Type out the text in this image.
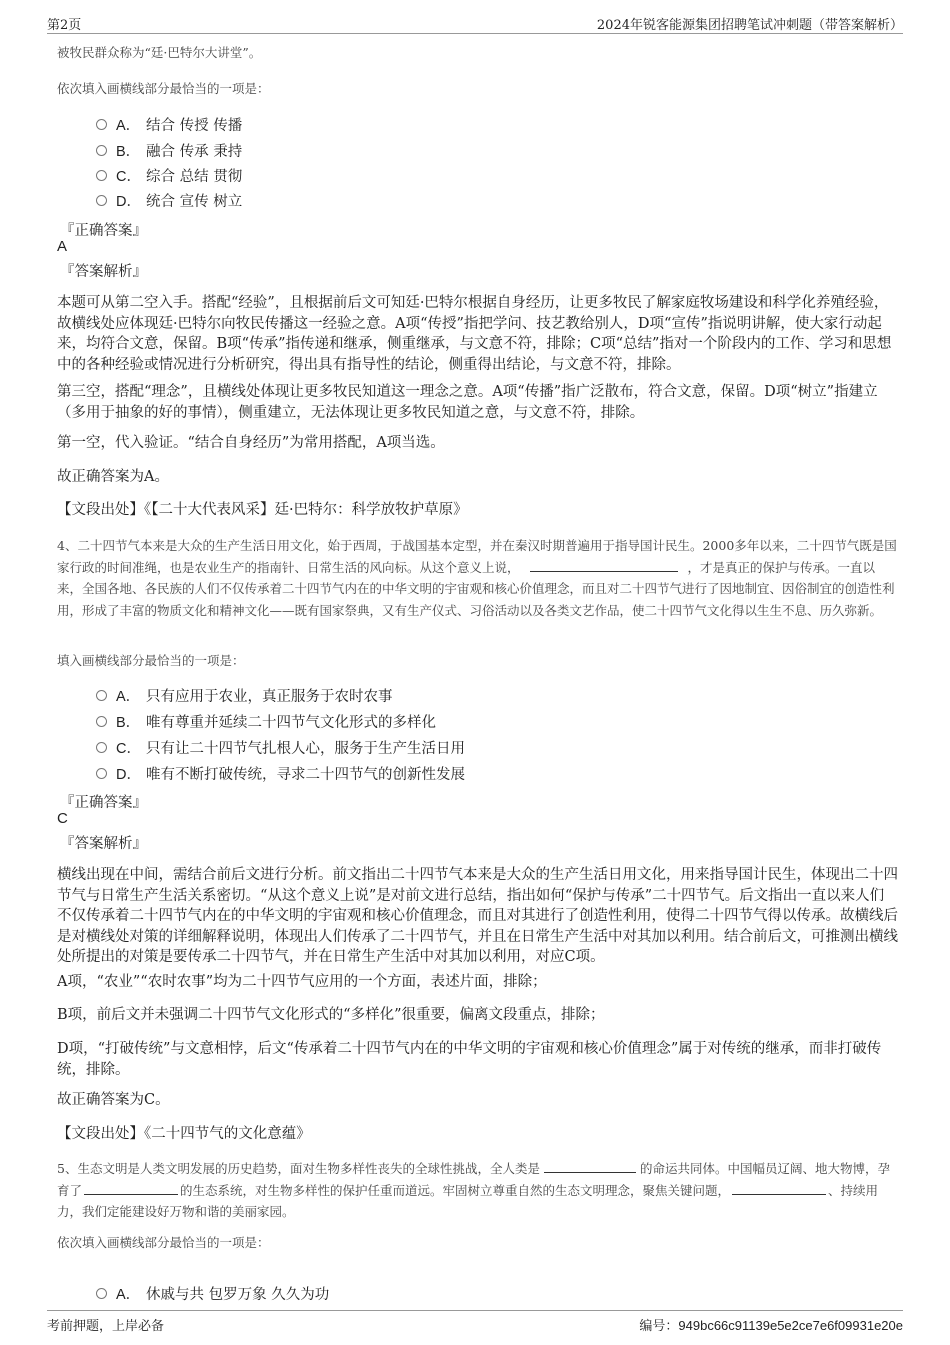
第2页	2024年锐客能源集团招聘笔试冲刺题（带答案解析）
被牧民群众称为“廷·巴特尔大讲堂”。
依次填入画横线部分最恰当的一项是：
A． 结合 传授 传播
B． 融合 传承 秉持
C． 综合 总结 贯彻
D． 统合 宣传 树立
『正确答案』
A
『答案解析』
本题可从第二空入手。搭配“经验”，且根据前后文可知廷·巴特尔根据自身经历，让更多牧民了解家庭牧场建设和科学化养殖经验，故横线处应体现廷·巴特尔向牧民传播这一经验之意。A项“传授”指把学问、技艺教给别人，D项“宣传”指说明讲解，使大家行动起来，均符合文意，保留。B项“传承”指传递和继承，侧重继承，与文意不符，排除；C项“总结”指对一个阶段内的工作、学习和思想中的各种经验或情况进行分析研究，得出具有指导性的结论，侧重得出结论，与文意不符，排除。
第三空，搭配“理念”，且横线处体现让更多牧民知道这一理念之意。A项“传播”指广泛散布，符合文意，保留。D项“树立”指建立（多用于抽象的好的事情），侧重建立，无法体现让更多牧民知道之意，与文意不符，排除。
第一空，代入验证。“结合自身经历”为常用搭配，A项当选。
故正确答案为A。
【文段出处】《【二十大代表风采】廷·巴特尔：科学放牧护草原》
4、二十四节气本来是大众的生产生活日用文化，始于西周，于战国基本定型，并在秦汉时期普遍用于指导国计民生。2000多年以来，二十四节气既是国家行政的时间准绳，也是农业生产的指南针、日常生活的风向标。从这个意义上说，	，才是真正的保护与传承。一直以来，全国各地、各民族的人们不仅传承着二十四节气内在的中华文明的宇宙观和核心价值理念，而且对二十四节气进行了因地制宜、因俗制宜的创造性利用，形成了丰富的物质文化和精神文化——既有国家祭典，又有生产仪式、习俗活动以及各类文艺作品，使二十四节气文化得以生生不息、历久弥新。
填入画横线部分最恰当的一项是：
A． 只有应用于农业，真正服务于农时农事
B． 唯有尊重并延续二十四节气文化形式的多样化
C． 只有让二十四节气扎根人心，服务于生产生活日用
D． 唯有不断打破传统，寻求二十四节气的创新性发展
『正确答案』
C
『答案解析』
横线出现在中间，需结合前后文进行分析。前文指出二十四节气本来是大众的生产生活日用文化，用来指导国计民生，体现出二十四节气与日常生产生活关系密切。“从这个意义上说”是对前文进行总结，指出如何“保护与传承”二十四节气。后文指出一直以来人们不仅传承着二十四节气内在的中华文明的宇宙观和核心价值理念，而且对其进行了创造性利用，使得二十四节气得以传承。故横线后是对横线处对策的详细解释说明，体现出人们传承了二十四节气，并且在日常生产生活中对其加以利用。结合前后文，可推测出横线处所提出的对策是要传承二十四节气，并在日常生产生活中对其加以利用，对应C项。
A项，“农业”“农时农事”均为二十四节气应用的一个方面，表述片面，排除；
B项，前后文并未强调二十四节气文化形式的“多样化”很重要，偏离文段重点，排除；
D项，“打破传统”与文意相悖，后文“传承着二十四节气内在的中华文明的宇宙观和核心价值理念”属于对传统的继承，而非打破传统，排除。
故正确答案为C。
【文段出处】《二十四节气的文化意蕴》
5、生态文明是人类文明发展的历史趋势，面对生物多样性丧失的全球性挑战，全人类是	的命运共同体。中国幅员辽阔、地大物博，孕育了	的生态系统，对生物多样性的保护任重而道远。牢固树立尊重自然的生态文明理念，聚焦关键问题，	、持续用力，我们定能建设好万物和谐的美丽家园。
依次填入画横线部分最恰当的一项是：
A． 休戚与共 包罗万象 久久为功
考前押题，上岸必备	编号：949bc66c91139e5e2ce7e6f09931e20e
